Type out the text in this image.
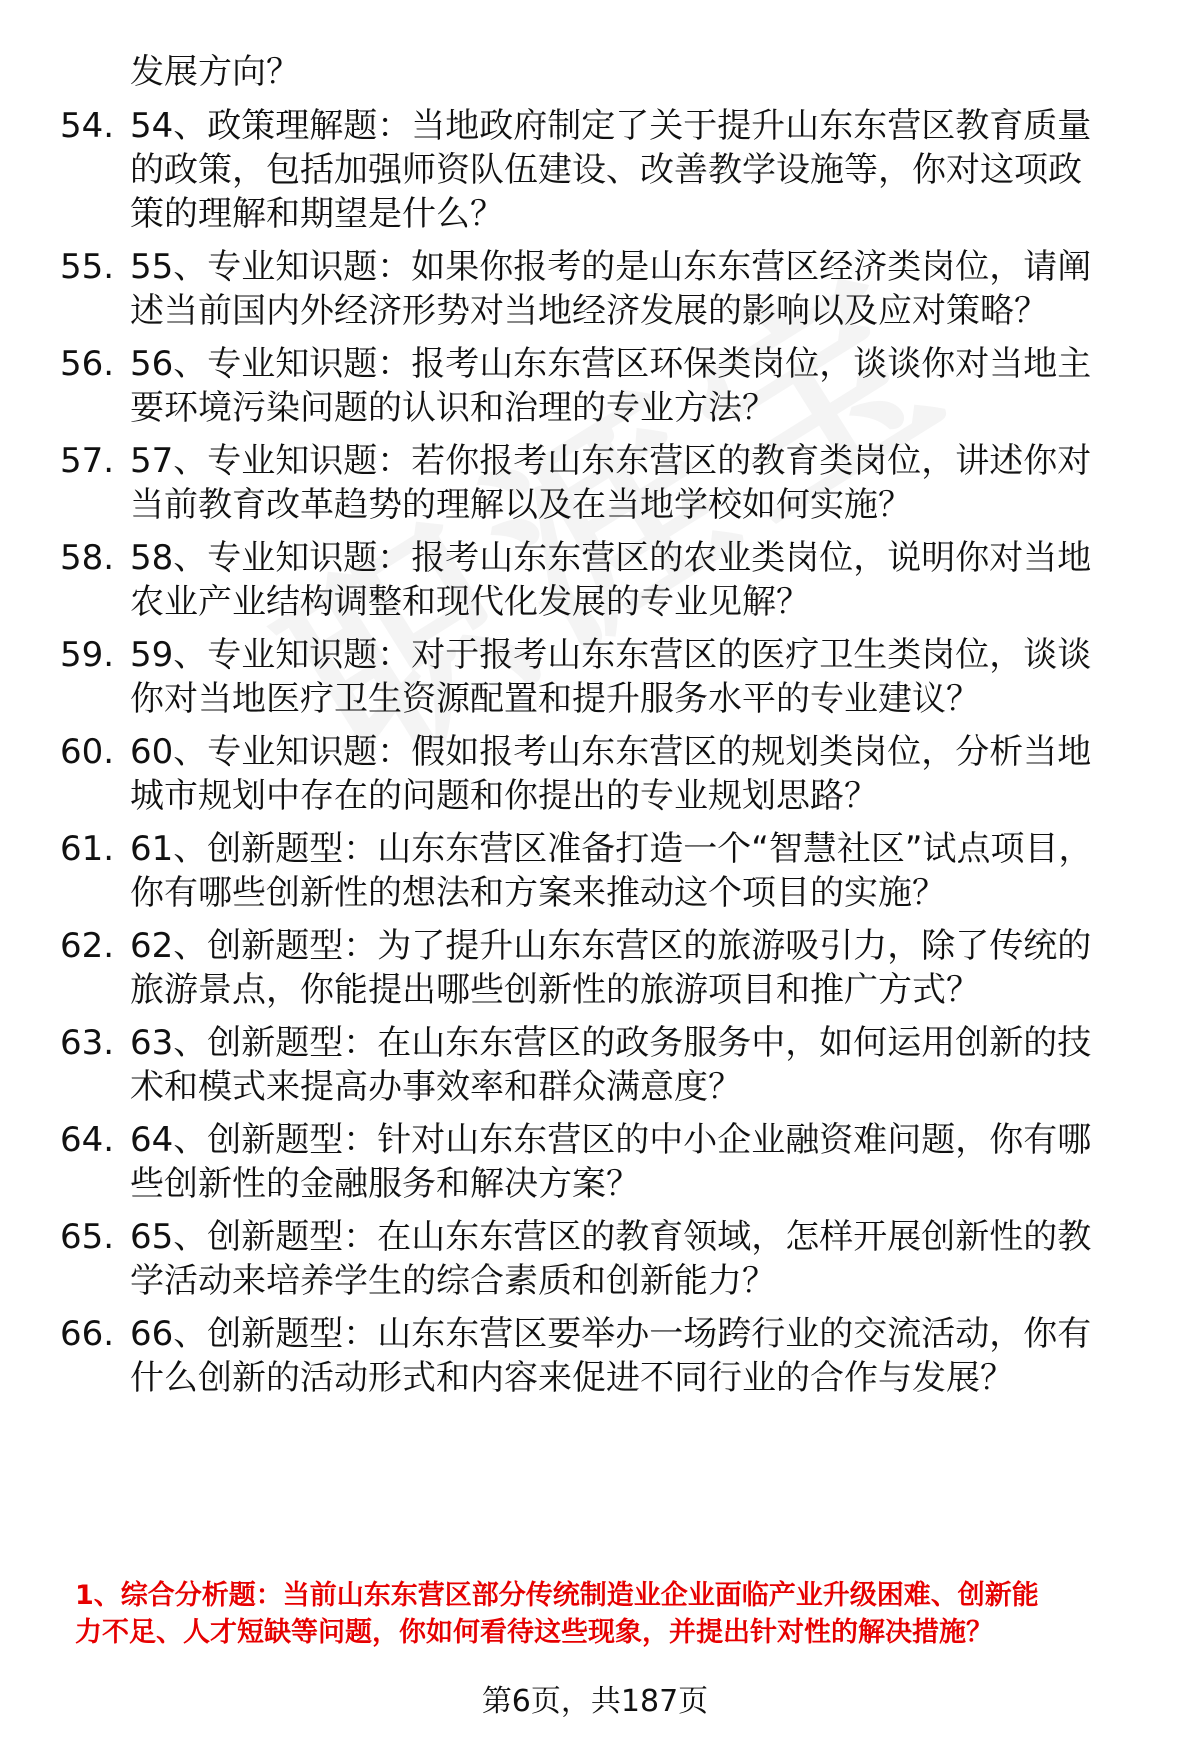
发展方向？
54. 54、政策理解题：当地政府制定了关于提升山东东营区教育质量
的政策，包括加强师资队伍建设、改善教学设施等，你对这项政
策的理解和期望是什么？
55. 55、专业知识题：如果你报考的是山东东营区经济类岗位，请阐
述当前国内外经济形势对当地经济发展的影响以及应对策略？
56. 56、专业知识题：报考山东东营区环保类岗位，谈谈你对当地主
要环境污染问题的认识和治理的专业方法？
57. 57、专业知识题：若你报考山东东营区的教育类岗位，讲述你对
当前教育改革趋势的理解以及在当地学校如何实施？
58. 58、专业知识题：报考山东东营区的农业类岗位，说明你对当地
农业产业结构调整和现代化发展的专业见解？
59. 59、专业知识题：对于报考山东东营区的医疗卫生类岗位，谈谈
你对当地医疗卫生资源配置和提升服务水平的专业建议？
60. 60、专业知识题：假如报考山东东营区的规划类岗位，分析当地
城市规划中存在的问题和你提出的专业规划思路？
61. 61、创新题型：山东东营区准备打造一个“智慧社区”试点项目，
你有哪些创新性的想法和方案来推动这个项目的实施？
62. 62、创新题型：为了提升山东东营区的旅游吸引力，除了传统的
旅游景点，你能提出哪些创新性的旅游项目和推广方式？
63. 63、创新题型：在山东东营区的政务服务中，如何运用创新的技
术和模式来提高办事效率和群众满意度？
64. 64、创新题型：针对山东东营区的中小企业融资难问题，你有哪
些创新性的金融服务和解决方案？
65. 65、创新题型：在山东东营区的教育领域，怎样开展创新性的教
学活动来培养学生的综合素质和创新能力？
66. 66、创新题型：山东东营区要举办一场跨行业的交流活动，你有
什么创新的活动形式和内容来促进不同行业的合作与发展？
1、综合分析题：当前山东东营区部分传统制造业企业面临产业升级困难、创新能
力不足、人才短缺等问题，你如何看待这些现象，并提出针对性的解决措施？
第6页，共187页
